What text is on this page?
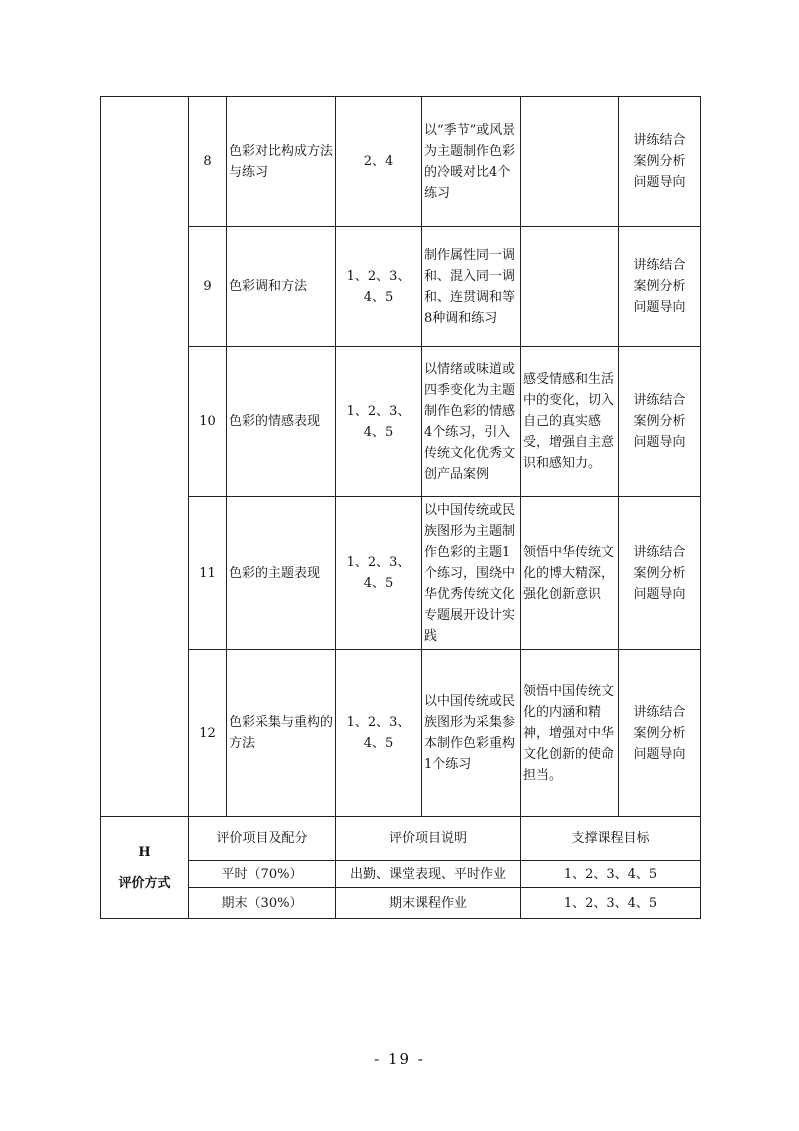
	8	色彩对比构成方法与练习	2、4	以“季节”或风景为主题制作色彩的冷暖对比4个练习		讲练结合
案例分析
问题导向

	9	色彩调和方法	1、2、3、4、5	制作属性同一调和、混入同一调和、连贯调和等8种调和练习		讲练结合
案例分析
问题导向

	10	色彩的情感表现	1、2、3、4、5	以情绪或味道或四季变化为主题制作色彩的情感4个练习，引入传统文化优秀文创产品案例	感受情感和生活中的变化，切入自己的真实感受，增强自主意识和感知力。	讲练结合
案例分析
问题导向

	11	色彩的主题表现	1、2、3、4、5	以中国传统或民族图形为主题制作色彩的主题1个练习，围绕中华优秀传统文化专题展开设计实践	领悟中华传统文化的博大精深，强化创新意识	讲练结合
案例分析
问题导向

	12	色彩采集与重构的方法	1、2、3、4、5	以中国传统或民族图形为采集参本制作色彩重构1个练习	领悟中国传统文化的内涵和精神，增强对中华文化创新的使命担当。	讲练结合
案例分析
问题导向

H
评价方式	评价项目及配分		评价项目说明		支撑课程目标	
	平时（70%）		出勤、课堂表现、平时作业		1、2、3、4、5	
	期末（30%）		期末课程作业		1、2、3、4、5	
- 19 -
